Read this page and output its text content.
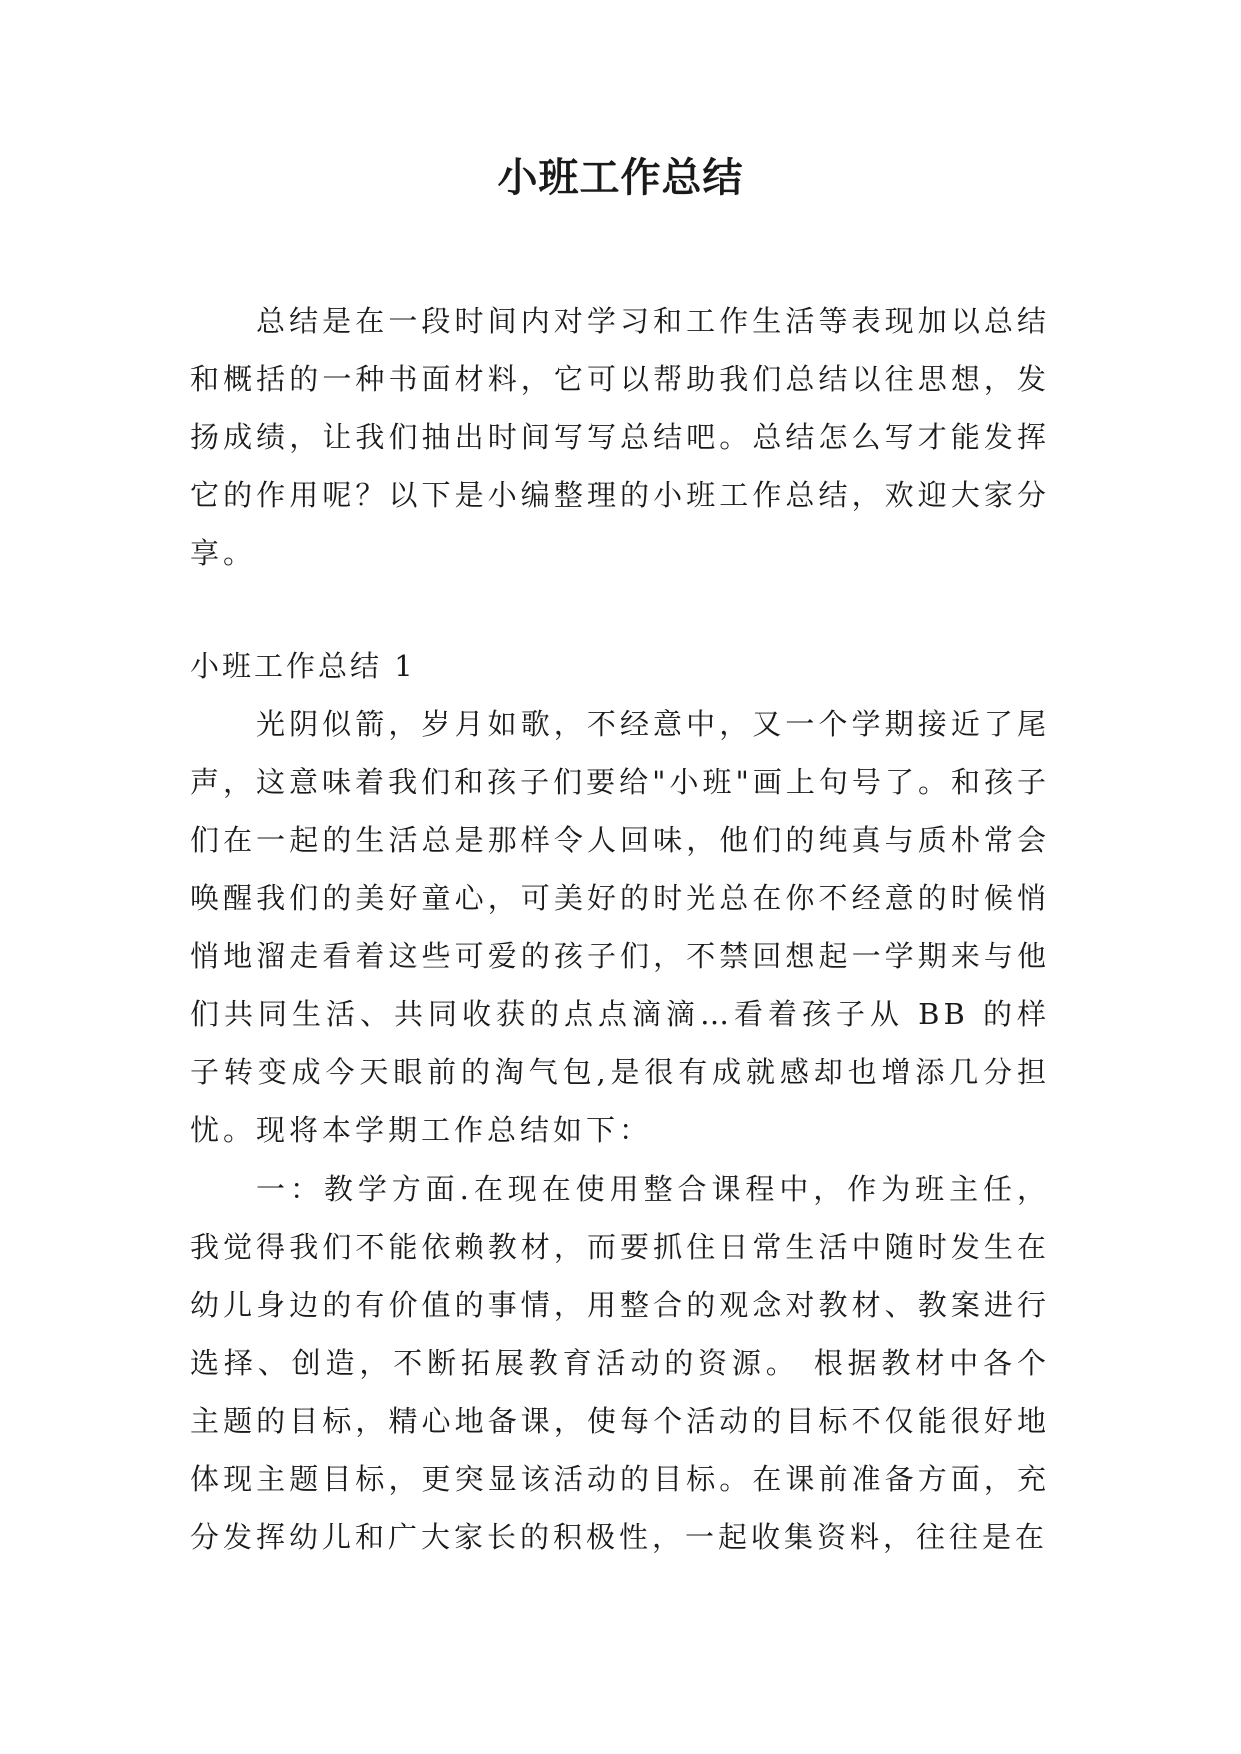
小班工作总结

总结是在一段时间内对学习和工作生活等表现加以总结和概括的一种书面材料，它可以帮助我们总结以往思想，发扬成绩，让我们抽出时间写写总结吧。总结怎么写才能发挥它的作用呢？以下是小编整理的小班工作总结，欢迎大家分享。

小班工作总结 1

光阴似箭，岁月如歌，不经意中，又一个学期接近了尾声，这意味着我们和孩子们要给"小班"画上句号了。和孩子们在一起的生活总是那样令人回味，他们的纯真与质朴常会唤醒我们的美好童心，可美好的时光总在你不经意的时候悄悄地溜走看着这些可爱的孩子们，不禁回想起一学期来与他们共同生活、共同收获的点点滴滴…看着孩子从 BB 的样子转变成今天眼前的淘气包,是很有成就感却也增添几分担忧。现将本学期工作总结如下：

一：教学方面.在现在使用整合课程中，作为班主任，我觉得我们不能依赖教材，而要抓住日常生活中随时发生在幼儿身边的有价值的事情，用整合的观念对教材、教案进行选择、创造，不断拓展教育活动的资源。 根据教材中各个主题的目标，精心地备课，使每个活动的目标不仅能很好地体现主题目标，更突显该活动的目标。在课前准备方面，充分发挥幼儿和广大家长的积极性，一起收集资料，往往是在
